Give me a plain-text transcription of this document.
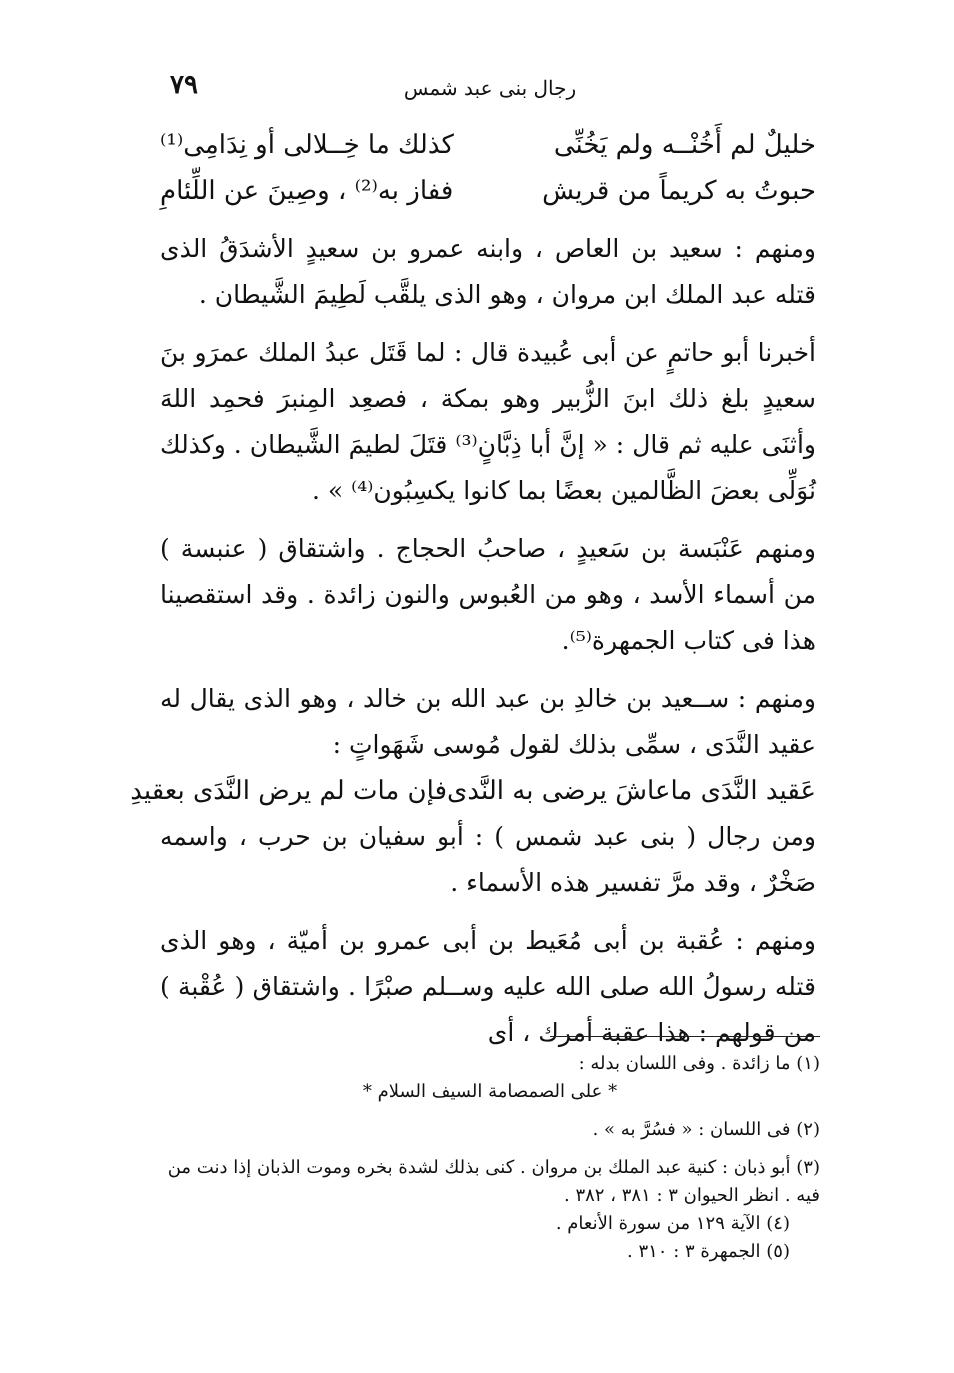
٧٩	رجال بنى عبد شمس
خليلٌ لم أَخُنْــه ولم يَخُنِّى
كذلك ما خِــلالى أو نِدَامِى⁽¹⁾
حبوتُ به كريماً من قريش
ففاز به⁽²⁾ ، وصِينَ عن اللِّئامِ

ومنهم : سعيد بن العاص ، وابنه عمرو بن سعيدٍ الأشدَقُ الذى قتله عبد الملك ابن مروان ، وهو الذى يلقَّب لَطِيمَ الشَّيطان .

أخبرنا أبو حاتمٍ عن أبى عُبيدة قال : لما قَتَل عبدُ الملك عمرَو بنَ سعيدٍ بلغ ذلك ابنَ الزُّبير وهو بمكة ، فصعِد المِنبرَ فحمِد اللهَ وأثنَى عليه ثم قال : « إنَّ أبا ذِبَّانٍ⁽³⁾ قتَلَ لطيمَ الشَّيطان . وكذلك نُوَلِّى بعضَ الظَّالمين بعضًا بما كانوا يكسِبُون⁽⁴⁾ » .

ومنهم عَنْبَسة بن سَعيدٍ ، صاحبُ الحجاج . واشتقاق ( عنبسة ) من أسماء الأسد ، وهو من العُبوس والنون زائدة . وقد استقصينا هذا فى كتاب الجمهرة⁽⁵⁾.

ومنهم : ســعيد بن خالدِ بن عبد الله بن خالد ، وهو الذى يقال له عقيد النَّدَى ، سمِّى بذلك لقول مُوسى شَهَواتٍ :

عَقيد النَّدَى ماعاشَ يرضى به النَّدى
فإن مات لم يرض النَّدَى بعقيدِ

ومن رجال ( بنى عبد شمس ) : أبو سفيان بن حرب ، واسمه صَخْرٌ ، وقد مرَّ تفسير هذه الأسماء .

ومنهم : عُقبة بن أبى مُعَيط بن أبى عمرو بن أميّة ، وهو الذى قتله رسولُ الله صلى الله عليه وســلم صبْرًا . واشتقاق ( عُقْبة ) من قولهم : هذا عقبة أمرك ، أى

(١) ما زائدة . وفى اللسان بدله :

* على الصمصامة السيف السلام *

(٢) فى اللسان : « فسُرَّ به » .

(٣) أبو ذبان : كنية عبد الملك بن مروان . كنى بذلك لشدة بخره وموت الذبان إذا دنت من فيه . انظر الحيوان ٣ : ٣٨١ ، ٣٨٢ .

(٤) الآية ١٢٩ من سورة الأنعام .

(٥) الجمهرة ٣ : ٣١٠ .
